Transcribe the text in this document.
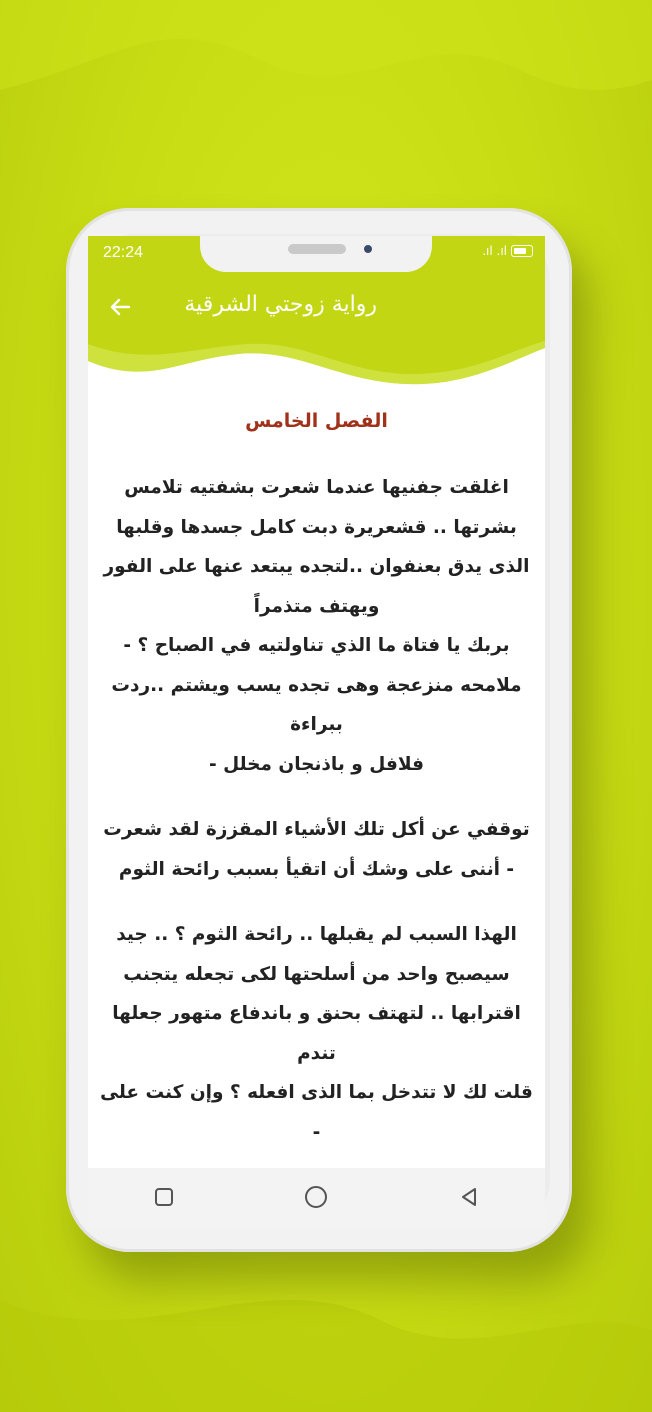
22:24	.ıl .ıl
رواية زوجتي الشرقية
الفصل الخامس

اغلقت جفنيها عندما شعرت بشفتيه تلامس بشرتها .. قشعريرة دبت كامل جسدها وقلبها الذى يدق بعنفوان ..لتجده يبتعد عنها على الفور ويهتف متذمراً

بربك يا فتاة ما الذي تناولتيه في الصباح ؟ - ملامحه منزعجة وهى تجده يسب ويشتم ..ردت ببراءة

فلافل و باذنجان مخلل -

توقفي عن أكل تلك الأشياء المقززة لقد شعرت - أننى على وشك أن اتقيأ بسبب رائحة الثوم

الهذا السبب لم يقبلها .. رائحة الثوم ؟ .. جيد سيصبح واحد من أسلحتها لكى تجعله يتجنب اقترابها .. لتهتف بحنق و باندفاع متهور جعلها تندم

قلت لك لا تتدخل بما الذى افعله ؟ وإن كنت على -
